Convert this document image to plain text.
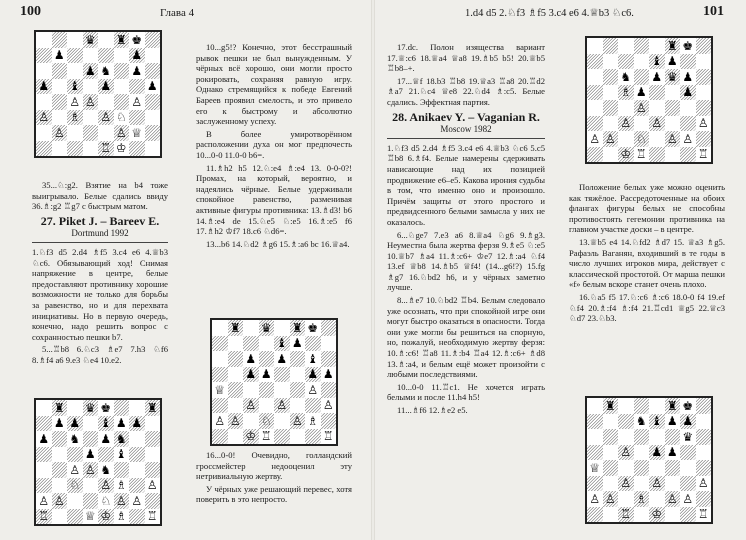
100	Глава 4
♛ ♜ ♚
♟	♟
♟ ♞ ♟
♟ ♝ ♟	♟
♙ ♙	♙
♙ ♗ ♙ ♘
♙	♙ ♕
♖ ♔

35...♘:g2. Взятие на b4 тоже выигрывало. Белые сдались ввиду 36.♗:g2 ♖g7 с быстрым матом.

27. Piket J. – Bareev E.
Dortmund 1992

1.♘f3 d5 2.d4 ♗f5 3.c4 e6 4.♕b3 ♘c6. Обязывающий ход! Снимая напряжение в центре, белые предоставляют противнику хорошие возможности не только для борьбы за равенство, но и для перехвата инициативы. Но в первую очередь, конечно, надо решить вопрос с сохранностью пешки b7.

5...♖b8 6.♘c3 ♗e7 7.h3 ♘f6 8.♗f4 a6 9.e3 ♘e4 10.e2.

♜ ♛ ♚	♜
♟ ♟ ♝ ♟ ♟
♟ ♞ ♟ ♞
♟ ♝
♙ ♙ ♞
♘ ♙ ♗ ♙
♙ ♙	♘ ♙ ♙
♖	♕ ♔ ♗ ♖

10...g5!? Конечно, этот бесстрашный рывок пешки не был вынужденным. У чёрных всё хорошо, они могли просто рокировать, сохраняя равную игру. Однако стремящийся к победе Евгений Бареев проявил смелость, и это привело его к быстрому и абсолютно заслуженному успеху.

В более умиротворённом расположении духа он мог предпочесть 10...0-0 11.0-0 b6=.

11.♗h2 h5 12.♘:e4 ♗:e4 13. 0-0-0?! Промах, на который, вероятно, и надеялись чёрные. Белые удерживали спокойное равенство, разменивая активные фигуры противника: 13.♗d3! b6 14.♗:e4 de 15.♘e5 ♘:e5 16.♗:e5 f6 17.♗h2 ♔f7 18.c6 ♘d6=.

13...b6 14.♘d2 ♗g6 15.♗:a6 bc 16.♕a4.

♜ ♛ ♜ ♚
♝ ♟
♟ ♟ ♝
♟ ♟	♟ ♟
♕	♙
♙ ♙	♙
♙ ♙ ♘ ♙ ♗
♔ ♖	♖

16...0-0! Очевидно, голландский гроссмейстер недооценил эту нетривиальную жертву.

У чёрных уже решающий перевес, хотя поверить в это непросто.

1.d4 d5 2.♘f3 ♗f5 3.c4 e6 4.♕b3 ♘c6.	101

17.dc. Полон изящества вариант 17.♕:c6 18.♕a4 ♕a8 19.♗b5 b5! 20.♕b5 ♖b8–+.

17...♕f 18.b3 ♖b8 19.♕a3 ♖a8 20.♖d2 ♗a7 21.♘c4 ♕e8 22.♘d4 ♗:c5. Белые сдались. Эффектная партия.

28. Anikaev Y. – Vaganian R.
Moscow 1982

1.♘f3 d5 2.d4 ♗f5 3.c4 e6 4.♕b3 ♘c6 5.c5 ♖b8 6.♗f4. Белые намерены сдерживать нависающие над их позицией продвижение e6–e5. Какова ирония судьбы в том, что именно оно и произошло. Причём защиты от этого простого и предвидсенного белыми замысла у них не оказалось.

6...♘ge7 7.e3 a6 8.♕a4 ♘g6 9.♗g3. Неуместна была жертва ферзя 9.♗e5 ♘:e5 10.♕b7 ♗a4 11.♗:c6+ ♔e7 12.♗:a4 ♘f4 13.ef ♕b8 14.♗b5 ♕f4! (14...g6!?) 15.fg ♗g7 16.♘bd2 h6, и у чёрных заметно лучше.

8...♗e7 10.♘bd2 ♖b4. Белым следовало уже осознать, что при спокойной игре они могут быстро оказаться в опасности. Тогда они уже могли бы решиться на спорную, но, пожалуй, необходимую жертву ферзя: 10.♗:c6! ♖a8 11.♗:b4 ♖a4 12.♗:c6+ ♗d8 13.♗:a4, и белым ещё может произойти с любыми последствиями.

10...0-0 11.♖c1. Не хочется играть белыми и после 11.h4 h5!

11...♗f6 12.♗e2 e5.

♜ ♚
♝ ♟
♞ ♟ ♛ ♟
♗ ♟	♟
♙
♙ ♙	♙
♙ ♙ ♘ ♙ ♙
♔ ♖	♖

Положение белых уже можно оценить как тяжёлое. Рассредоточенные на обоих флангах фигуры белых не способны противостоять гегемонии противника на главном участке доски – в центре.

13.♕b5 e4 14.♘fd2 ♗d7 15. ♕a3 ♗g5. Рафаэль Ваганян, входивший в те годы в число лучших игроков мира, действует с классической простотой. От марша пешки «f» белым вскоре станет очень плохо.

16.♘a5 f5 17.♘:c6 ♗:c6 18.0-0 f4 19.ef ♘f4 20.♗:f4 ♗:f4 21.♖cd1 ♕g5 22.♕c3 ♘d7 23.♘b3.

♜	♜ ♚
♞ ♝ ♟ ♟
♛
♙ ♟ ♟
♕
♙ ♙	♙
♙ ♙ ♗ ♙ ♙
♖ ♔	♖
